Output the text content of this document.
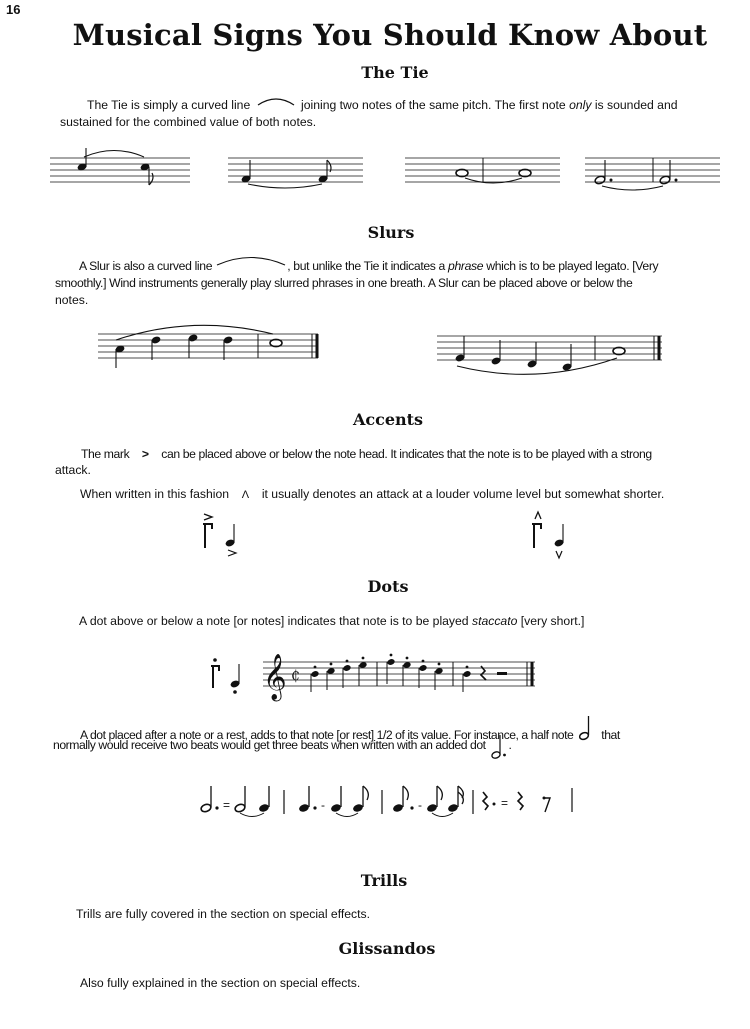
16
Musical Signs You Should Know About
The Tie
The Tie is simply a curved line	joining two notes of the same pitch. The first note only is sounded and
sustained for the combined value of both notes.
Slurs
A Slur is also a curved line	, but unlike the Tie it indicates a phrase which is to be played legato. [Very
smoothly.] Wind instruments generally play slurred phrases in one breath. A Slur can be placed above or below the
notes.
Accents
The mark > can be placed above or below the note head. It indicates that the note is to be played with a strong
attack.
When written in this fashion Λ it usually denotes an attack at a louder volume level but somewhat shorter.
Dots
A dot above or below a note [or notes] indicates that note is to be played staccato [very short.]
𝄞 ₵
A dot placed after a note or a rest, adds to that note [or rest] 1/2 of its value. For instance, a half note that
normally would receive two beats would get three beats when written with an added dot .
=	-	-	=
Trills
Trills are fully covered in the section on special effects.
Glissandos
Also fully explained in the section on special effects.
